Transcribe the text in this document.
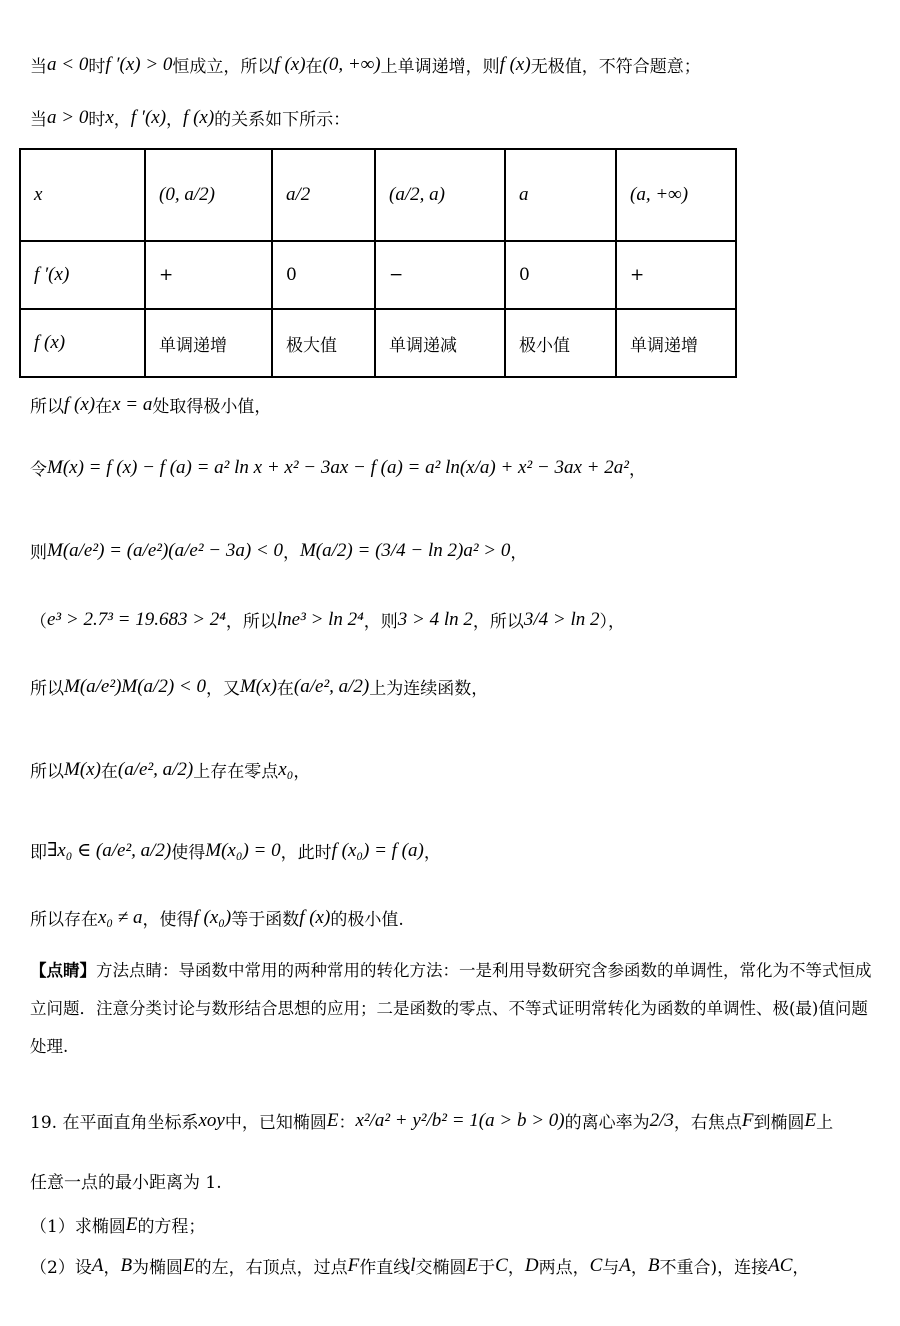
当 a < 0 时 f ′(x) > 0 恒成立，所以 f (x) 在 (0, +∞) 上单调递增，则 f (x) 无极值，不符合题意；
当 a > 0 时 x ， f ′(x) ， f (x) 的关系如下所示：
所以 f (x) 在 x = a 处取得极小值，
令 M(x) = f (x) − f (a) = a² ln x + x² − 3ax − f (a) = a² ln(x/a) + x² − 3ax + 2a² ，
则 M(a/e²) = (a/e²)(a/e² − 3a) < 0 ， M(a/2) = (3/4 − ln 2)a² > 0 ，
（ e³ > 2.7³ = 19.683 > 2⁴ ，所以 lne³ > ln 2⁴ ，则 3 > 4 ln 2 ，所以 3/4 > ln 2 ），
所以 M(a/e²)M(a/2) < 0 ，又 M(x) 在 (a/e², a/2) 上为连续函数，
所以 M(x) 在 (a/e², a/2) 上存在零点 x₀ ，
即 ∃x₀ ∈ (a/e², a/2) 使得 M(x₀) = 0 ，此时 f (x₀) = f (a) ，
所以存在 x₀ ≠ a ，使得 f (x₀) 等于函数 f (x) 的极小值.
19. 在平面直角坐标系 xoy 中，已知椭圆 E ： x²/a² + y²/b² = 1(a > b > 0) 的离心率为 2/3 ，右焦点 F 到椭圆 E 上
任意一点的最小距离为 1.
（1）求椭圆 E 的方程；
（2）设 A ， B 为椭圆 E 的左，右顶点，过点 F 作直线 l 交椭圆 E 于 C ， D 两点， C 与 A ， B 不重合)，连接 AC ，
x	(0, a/2)	a/2	(a/2, a)	a	(a, +∞)
f ′(x)	+	0	−	0	+
f (x)	单调递增	极大值	单调递减	极小值	单调递增
【点睛】方法点睛：导函数中常用的两种常用的转化方法：一是利用导数研究含参函数的单调性，常化为不等式恒成立问题．注意分类讨论与数形结合思想的应用；二是函数的零点、不等式证明常转化为函数的单调性、极(最)值问题处理.
